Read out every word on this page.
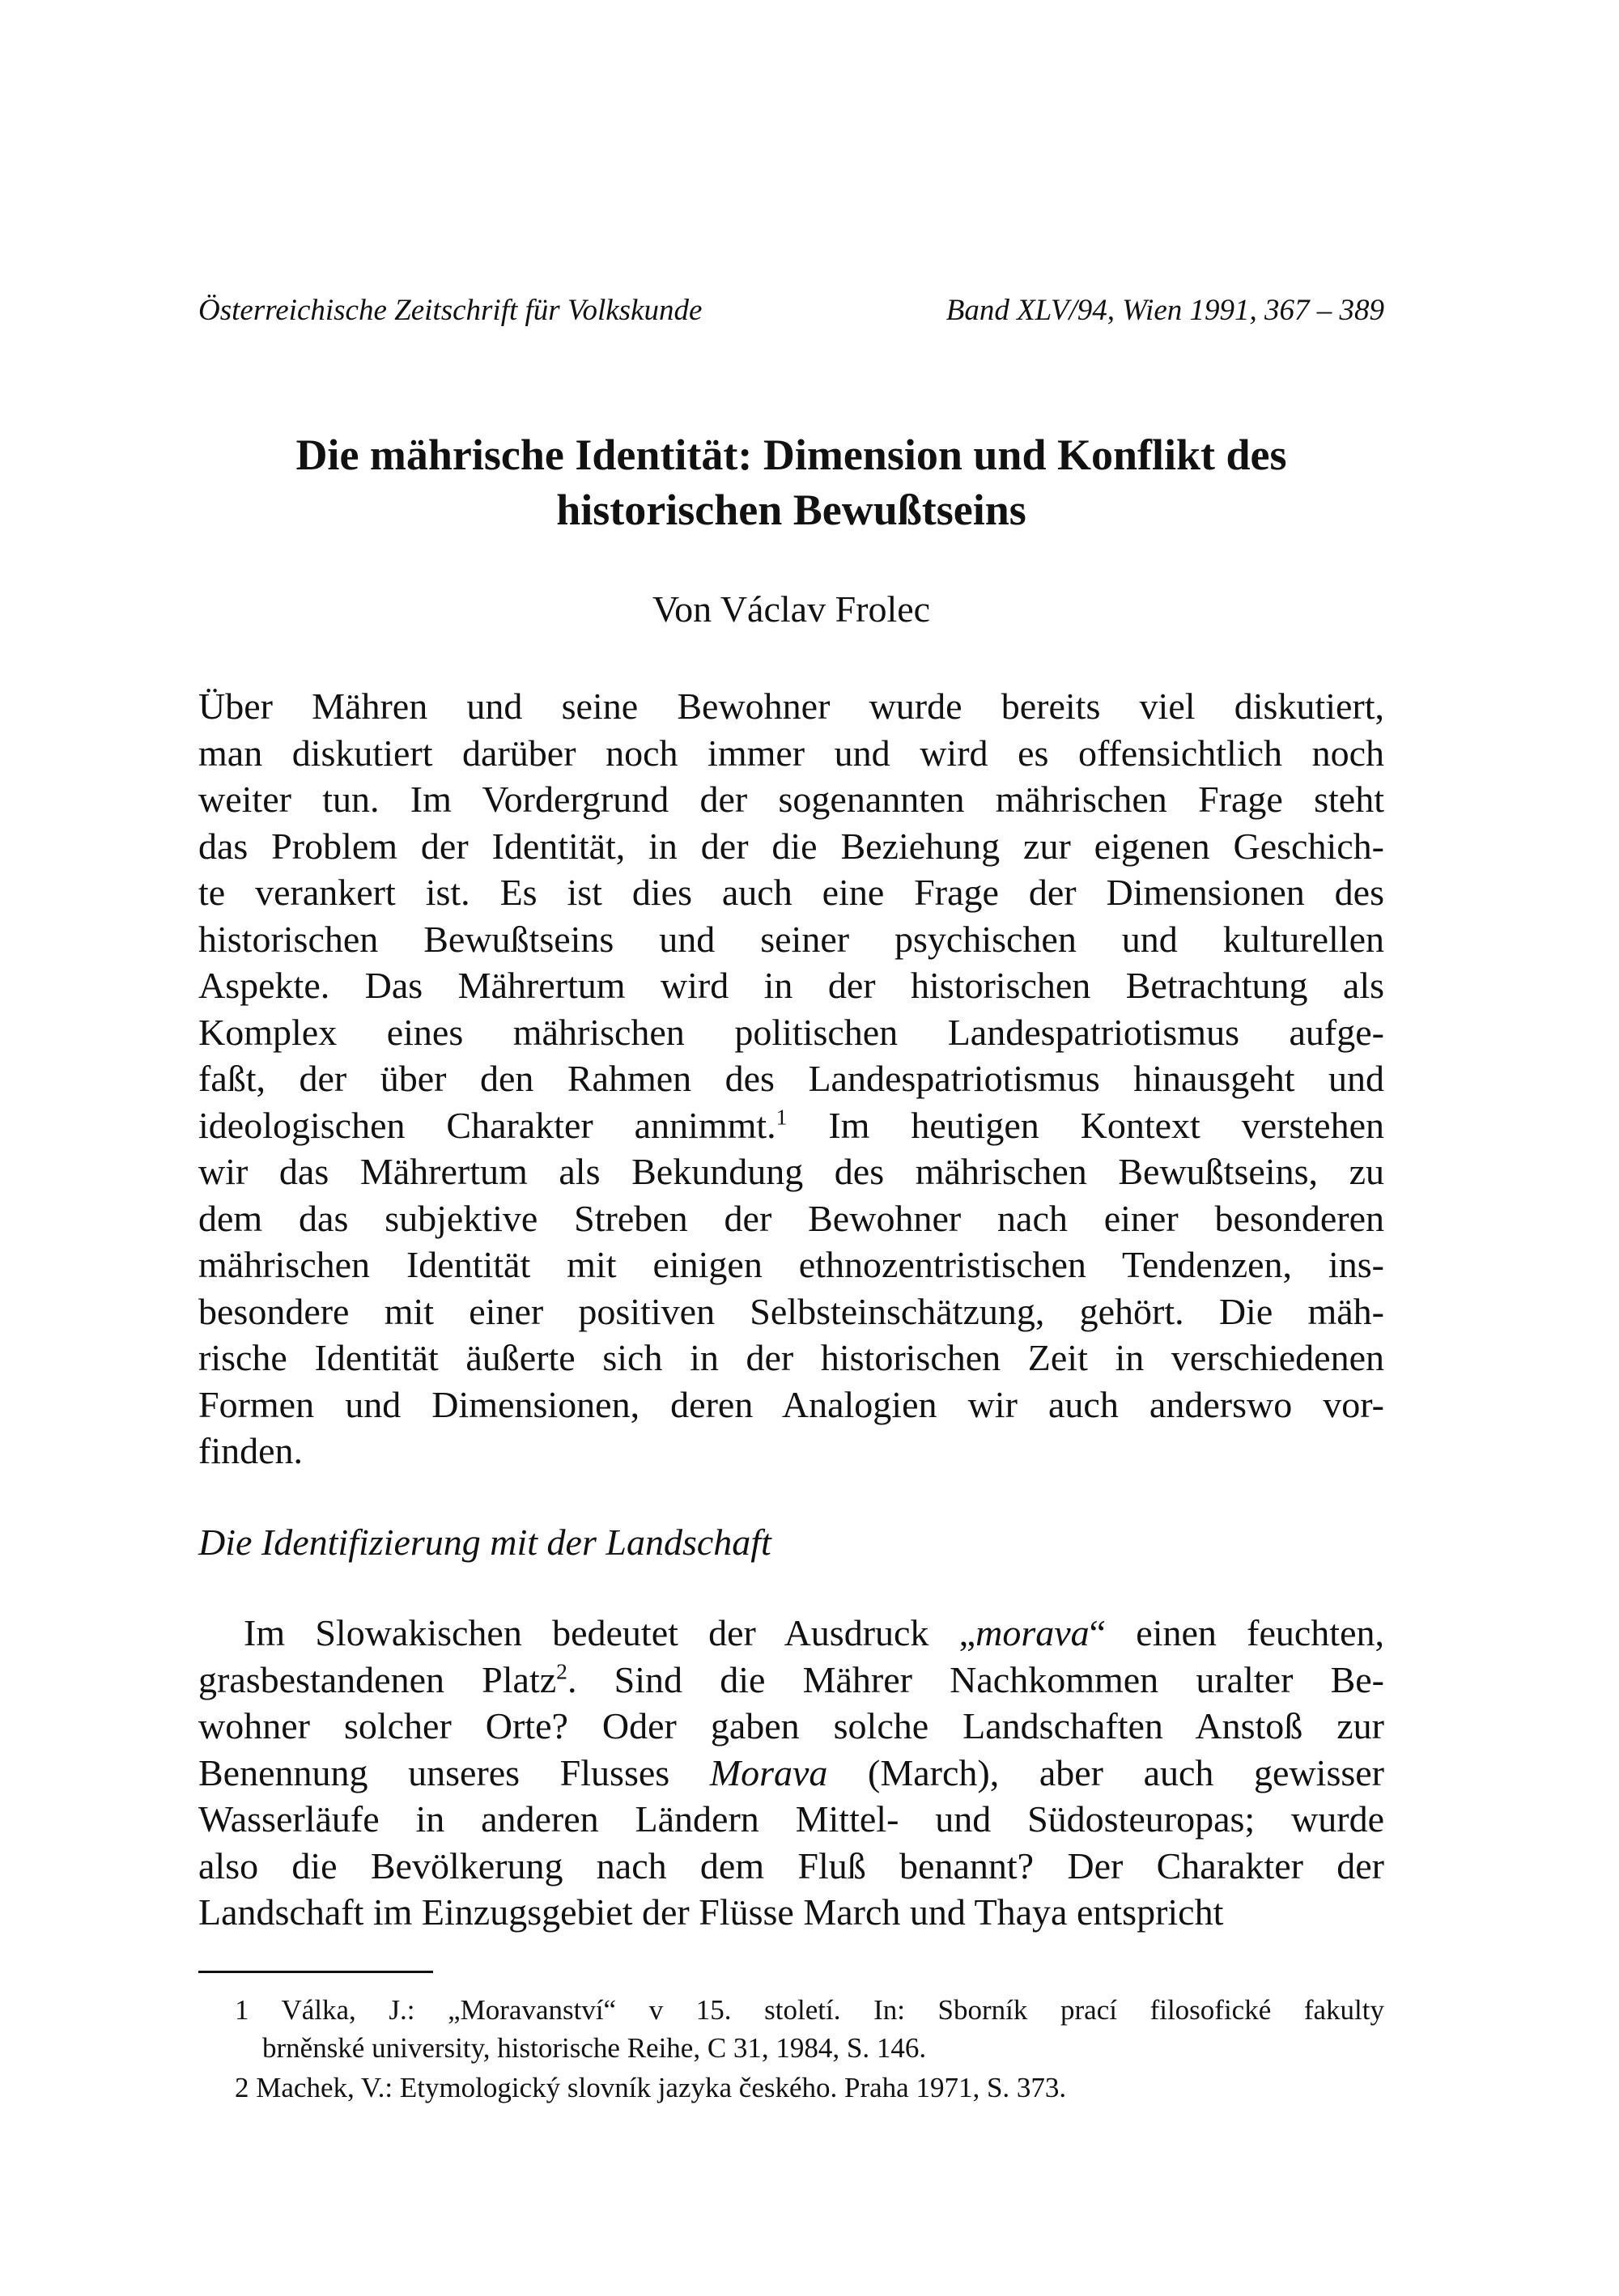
Österreichische Zeitschrift für Volkskunde	Band XLV/94, Wien 1991, 367 – 389
Die mährische Identität: Dimension und Konflikt des
historischen Bewußtseins
Von Václav Frolec
Über Mähren und seine Bewohner wurde bereits viel diskutiert,
man diskutiert darüber noch immer und wird es offensichtlich noch
weiter tun. Im Vordergrund der sogenannten mährischen Frage steht
das Problem der Identität, in der die Beziehung zur eigenen Geschich-
te verankert ist. Es ist dies auch eine Frage der Dimensionen des
historischen Bewußtseins und seiner psychischen und kulturellen
Aspekte. Das Mährertum wird in der historischen Betrachtung als
Komplex eines mährischen politischen Landespatriotismus aufge-
faßt, der über den Rahmen des Landespatriotismus hinausgeht und
ideologischen Charakter annimmt.$^1$ Im heutigen Kontext verstehen
wir das Mährertum als Bekundung des mährischen Bewußtseins, zu
dem das subjektive Streben der Bewohner nach einer besonderen
mährischen Identität mit einigen ethnozentristischen Tendenzen, ins-
besondere mit einer positiven Selbsteinschätzung, gehört. Die mäh-
rische Identität äußerte sich in der historischen Zeit in verschiedenen
Formen und Dimensionen, deren Analogien wir auch anderswo vor-
finden.
Die Identifizierung mit der Landschaft
Im Slowakischen bedeutet der Ausdruck „morava“ einen feuchten,
grasbestandenen Platz$^2$. Sind die Mährer Nachkommen uralter Be-
wohner solcher Orte? Oder gaben solche Landschaften Anstoß zur
Benennung unseres Flusses Morava (March), aber auch gewisser
Wasserläufe in anderen Ländern Mittel- und Südosteuropas; wurde
also die Bevölkerung nach dem Fluß benannt? Der Charakter der
Landschaft im Einzugsgebiet der Flüsse March und Thaya entspricht
1 Válka, J.: „Moravanství“ v 15. století. In: Sborník prací filosofické fakulty
brněnské university, historische Reihe, C 31, 1984, S. 146.
2 Machek, V.: Etymologický slovník jazyka českého. Praha 1971, S. 373.
